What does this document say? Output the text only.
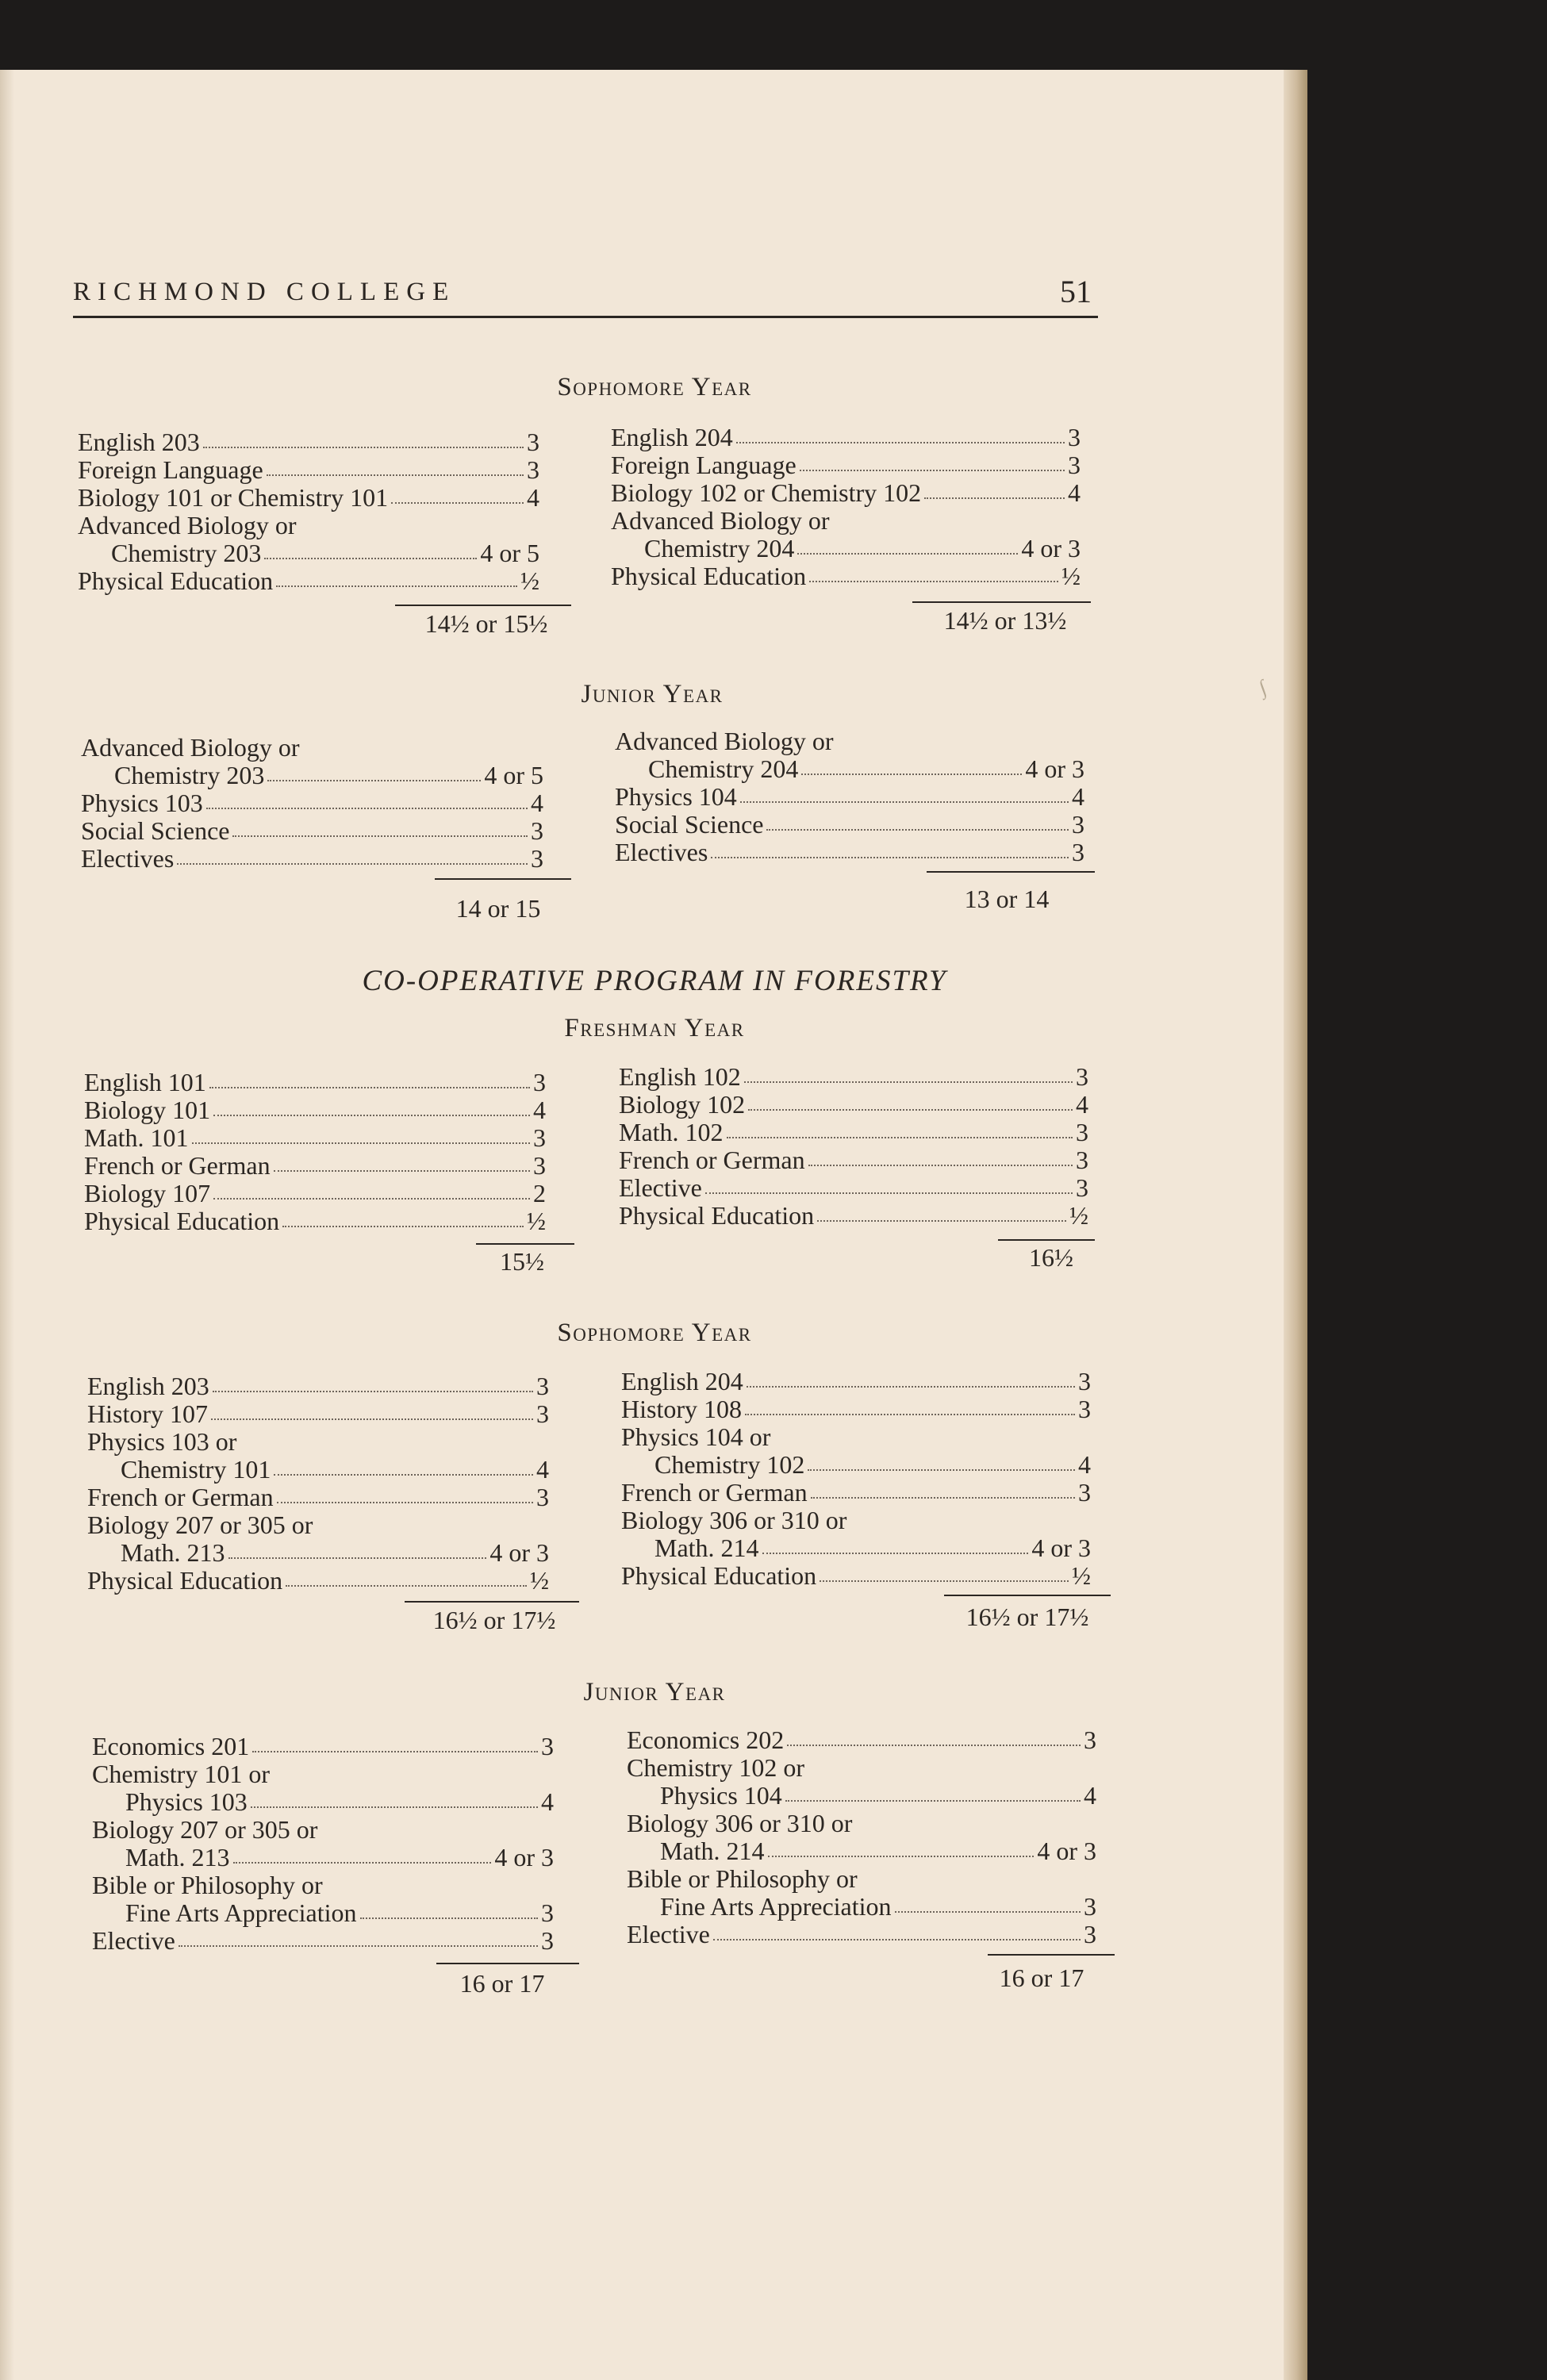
∫
RICHMOND COLLEGE	51
Sophomore Year
English 203	3
Foreign Language	3
Biology 101 or Chemistry 101	4
Advanced Biology or
Chemistry 203	4 or 5
Physical Education	½
English 204	3
Foreign Language	3
Biology 102 or Chemistry 102	4
Advanced Biology or
Chemistry 204	4 or 3
Physical Education	½
14½ or 15½	14½ or 13½
Junior Year
Advanced Biology or
Chemistry 203	4 or 5
Physics 103	4
Social Science	3
Electives	3
Advanced Biology or
Chemistry 204	4 or 3
Physics 104	4
Social Science	3
Electives	3
14 or 15	13 or 14
CO-OPERATIVE PROGRAM IN FORESTRY
Freshman Year
English 101	3
Biology 101	4
Math. 101	3
French or German	3
Biology 107	2
Physical Education	½
English 102	3
Biology 102	4
Math. 102	3
French or German	3
Elective	3
Physical Education	½
15½	16½
Sophomore Year
English 203	3
History 107	3
Physics 103 or
Chemistry 101	4
French or German	3
Biology 207 or 305 or
Math. 213	4 or 3
Physical Education	½
English 204	3
History 108	3
Physics 104 or
Chemistry 102	4
French or German	3
Biology 306 or 310 or
Math. 214	4 or 3
Physical Education	½
16½ or 17½	16½ or 17½
Junior Year
Economics 201	3
Chemistry 101 or
Physics 103	4
Biology 207 or 305 or
Math. 213	4 or 3
Bible or Philosophy or
Fine Arts Appreciation	3
Elective	3
Economics 202	3
Chemistry 102 or
Physics 104	4
Biology 306 or 310 or
Math. 214	4 or 3
Bible or Philosophy or
Fine Arts Appreciation	3
Elective	3
16 or 17	16 or 17
